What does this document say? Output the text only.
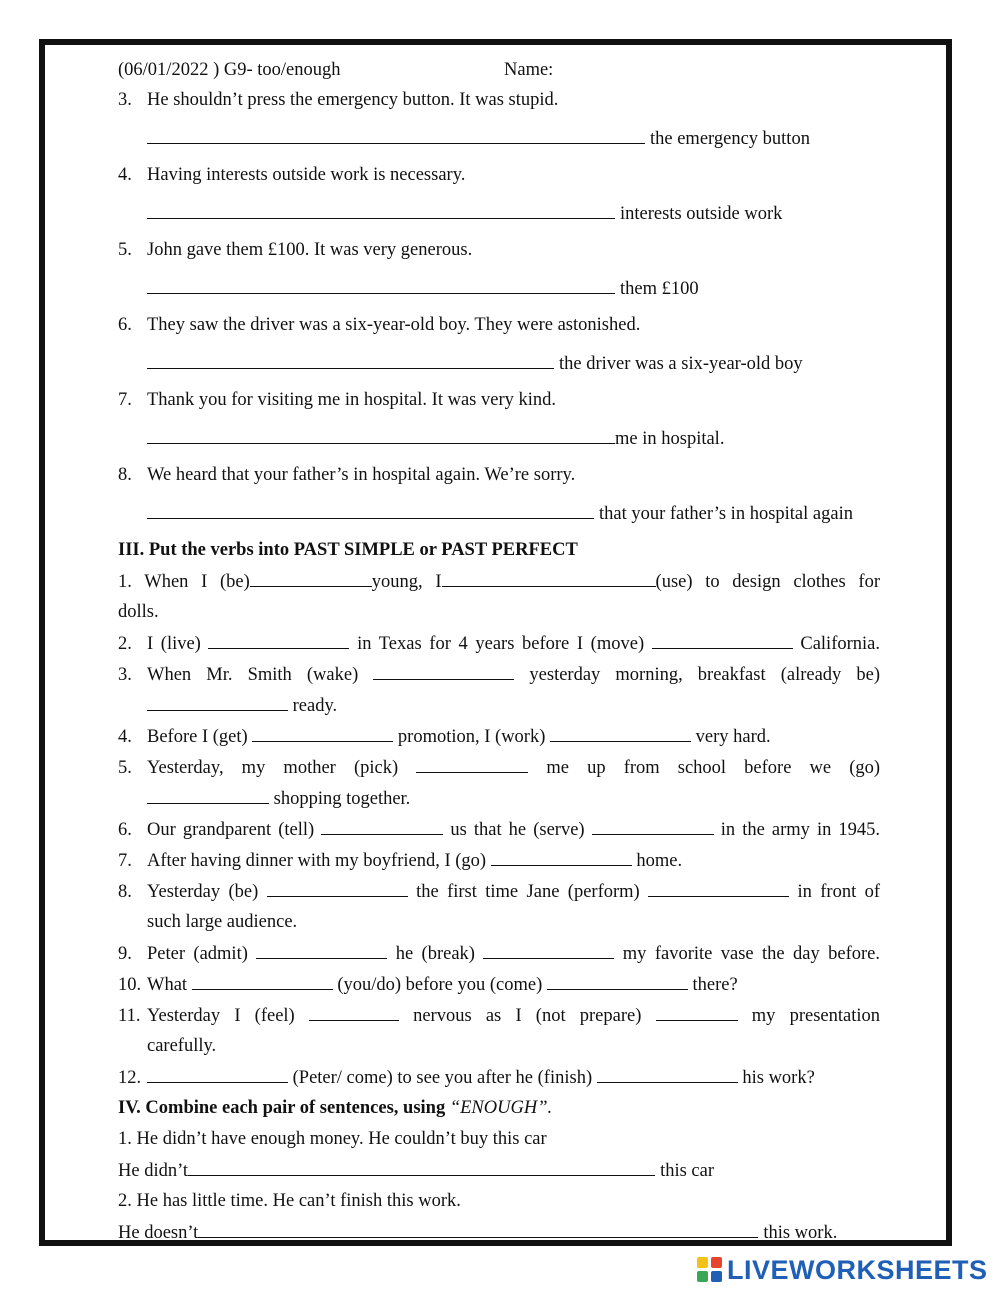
(06/01/2022 ) G9- too/enough	Name:
3. He shouldn’t press the emergency button. It was stupid.
the emergency button
4. Having interests outside work is necessary.
interests outside work
5. John gave them £100. It was very generous.
them £100
6. They saw the driver was a six-year-old boy. They were astonished.
the driver was a six-year-old boy
7. Thank you for visiting me in hospital. It was very kind.
me in hospital.
8. We heard that your father’s in hospital again. We’re sorry.
that your father’s in hospital again
III. Put the verbs into PAST SIMPLE or PAST PERFECT
1. When I (be)	young, I	(use) to design clothes for
dolls.
2. I (live)	in Texas for 4 years before I (move)	California.
3. When Mr. Smith (wake)	yesterday morning, breakfast (already be)
ready.
4. Before I (get)	promotion, I (work)	very hard.
5. Yesterday, my mother (pick)	me up from school before we (go)
shopping together.
6. Our grandparent (tell)	us that he (serve)	in the army in 1945.
7. After having dinner with my boyfriend, I (go)	home.
8. Yesterday (be)	the first time Jane (perform)	in front of
such large audience.
9. Peter (admit)	he (break)	my favorite vase the day before.
10. What	(you/do) before you (come)	there?
11. Yesterday I (feel)	nervous as I (not prepare)	my presentation
carefully.
12.	(Peter/ come) to see you after he (finish)	his work?
IV. Combine each pair of sentences, using “ENOUGH”.
1. He didn’t have enough money. He couldn’t buy this car
He didn’t	this car
2. He has little time. He can’t finish this work.
He doesn’t	this work.
LIVEWORKSHEETS
